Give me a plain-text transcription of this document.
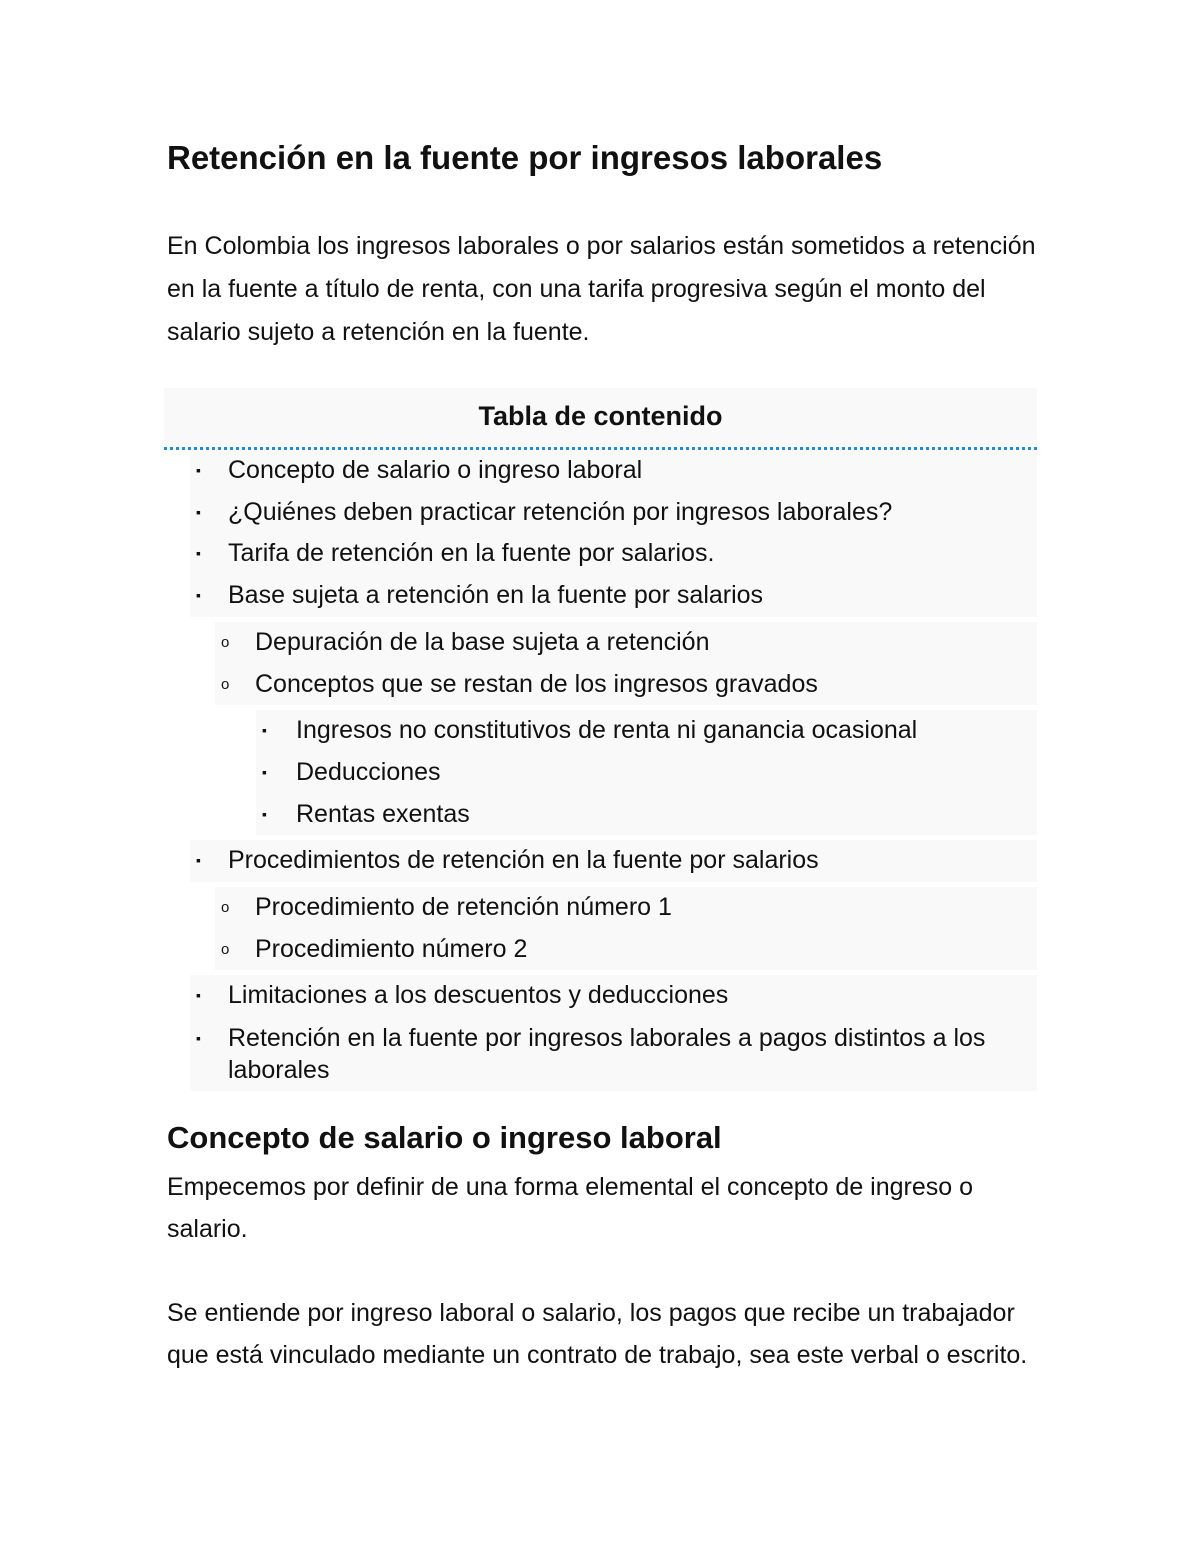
Retención en la fuente por ingresos laborales

En Colombia los ingresos laborales o por salarios están sometidos a retención en la fuente a título de renta, con una tarifa progresiva según el monto del salario sujeto a retención en la fuente.

Tabla de contenido
▪ Concepto de salario o ingreso laboral
▪ ¿Quiénes deben practicar retención por ingresos laborales?
▪ Tarifa de retención en la fuente por salarios.
▪ Base sujeta a retención en la fuente por salarios
o Depuración de la base sujeta a retención
o Conceptos que se restan de los ingresos gravados
▪ Ingresos no constitutivos de renta ni ganancia ocasional
▪ Deducciones
▪ Rentas exentas
▪ Procedimientos de retención en la fuente por salarios
o Procedimiento de retención número 1
o Procedimiento número 2
▪ Limitaciones a los descuentos y deducciones
▪ Retención en la fuente por ingresos laborales a pagos distintos a los laborales
Concepto de salario o ingreso laboral

Empecemos por definir de una forma elemental el concepto de ingreso o salario.

Se entiende por ingreso laboral o salario, los pagos que recibe un trabajador que está vinculado mediante un contrato de trabajo, sea este verbal o escrito.
